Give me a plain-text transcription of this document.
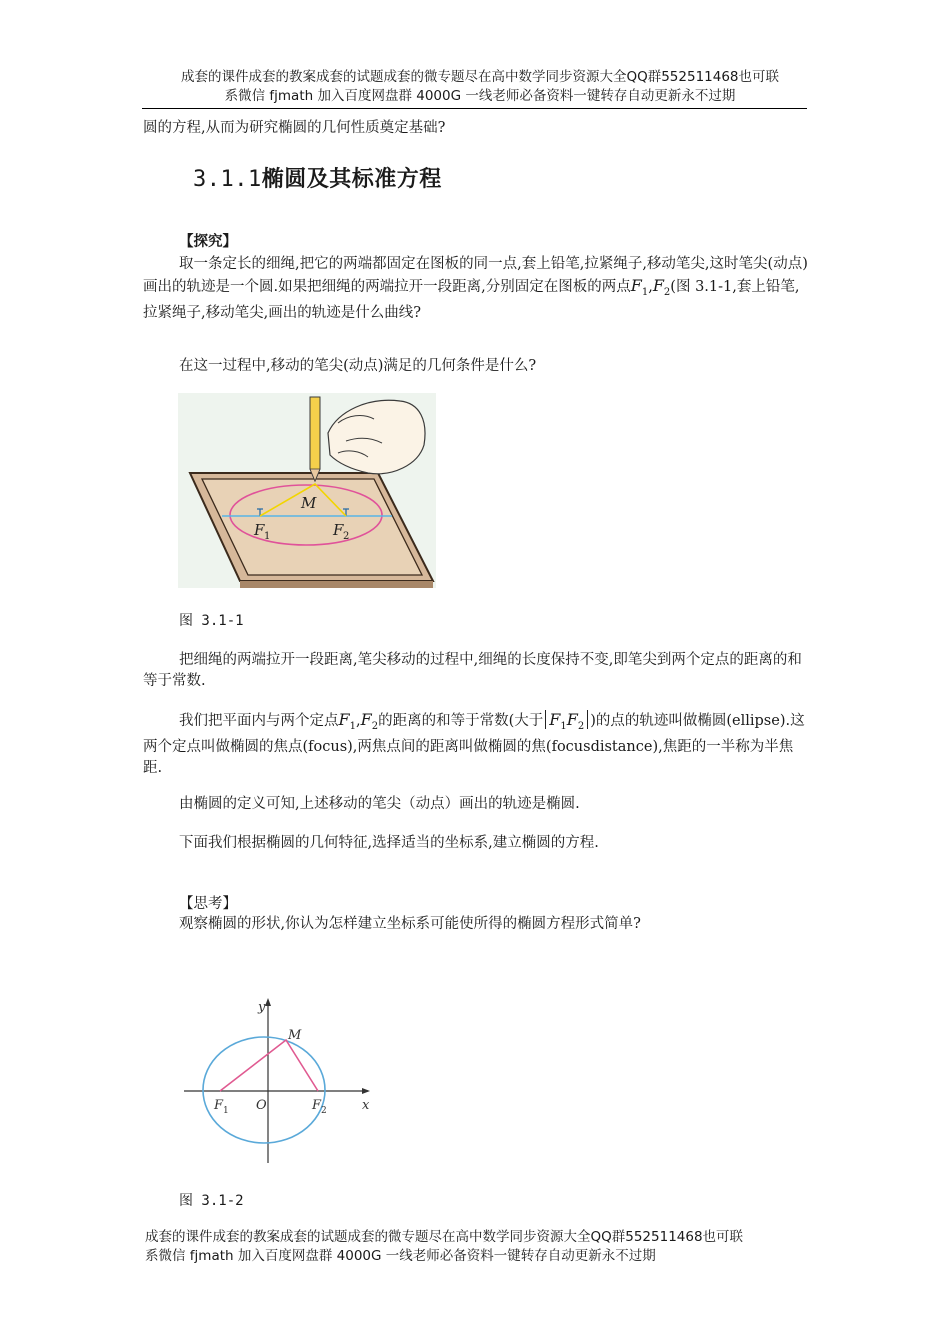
成套的课件成套的教案成套的试题成套的微专题尽在高中数学同步资源大全QQ群552511468也可联
系微信 fjmath 加入百度网盘群 4000G 一线老师必备资料一键转存自动更新永不过期
圆的方程,从而为研究椭圆的几何性质奠定基础?
3.1.1椭圆及其标准方程
【探究】
取一条定长的细绳,把它的两端都固定在图板的同一点,套上铅笔,拉紧绳子,移动笔尖,这时笔尖(动点)画出的轨迹是一个圆.如果把细绳的两端拉开一段距离,分别固定在图板的两点$F_1,F_2$(图 3.1-1,套上铅笔,拉紧绳子,移动笔尖,画出的轨迹是什么曲线?
在这一过程中,移动的笔尖(动点)满足的几何条件是什么?
M
F 1	F 2
图 3.1-1
把细绳的两端拉开一段距离,笔尖移动的过程中,细绳的长度保持不变,即笔尖到两个定点的距离的和等于常数.
我们把平面内与两个定点$F_1,F_2$的距离的和等于常数(大于 $F_1F_2$ )的点的轨迹叫做椭圆(ellipse).这两个定点叫做椭圆的焦点(focus),两焦点间的距离叫做椭圆的焦(focusdistance),焦距的一半称为半焦距.
由椭圆的定义可知,上述移动的笔尖（动点）画出的轨迹是椭圆.
下面我们根据椭圆的几何特征,选择适当的坐标系,建立椭圆的方程.
【思考】
观察椭圆的形状,你认为怎样建立坐标系可能使所得的椭圆方程形式简单?
y
x
M
O
F 1	F 2
图 3.1-2
成套的课件成套的教案成套的试题成套的微专题尽在高中数学同步资源大全QQ群552511468也可联
系微信 fjmath 加入百度网盘群 4000G 一线老师必备资料一键转存自动更新永不过期
